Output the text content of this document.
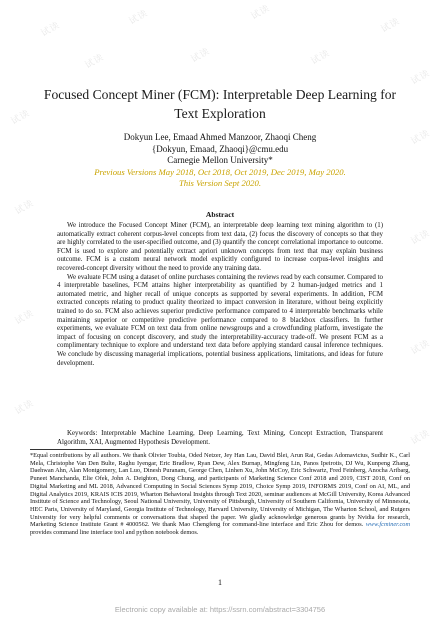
试读
试读	试读
试读
试读	试读	试读
试读
试读
试读
试读
试读
试读
试读
试读
试读
Focused Concept Miner (FCM): Interpretable Deep Learning for
Text Exploration
Dokyun Lee, Emaad Ahmed Manzoor, Zhaoqi Cheng
{Dokyun, Emaad, Zhaoqi}@cmu.edu
Carnegie Mellon University*
Previous Versions May 2018, Oct 2018, Oct 2019, Dec 2019, May 2020.
This Version Sept 2020.
Abstract

We introduce the Focused Concept Miner (FCM), an interpretable deep learning text mining algorithm to (1) automatically extract coherent corpus-level concepts from text data, (2) focus the discovery of concepts so that they are highly correlated to the user-specified outcome, and (3) quantify the concept correlational importance to outcome. FCM is used to explore and potentially extract apriori unknown concepts from text that may explain business outcome. FCM is a custom neural network model explicitly configured to increase corpus-level insights and recovered-concept diversity without the need to provide any training data.

We evaluate FCM using a dataset of online purchases containing the reviews read by each consumer. Compared to 4 interpretable baselines, FCM attains higher interpretability as quantified by 2 human-judged metrics and 1 automated metric, and higher recall of unique concepts as supported by several experiments. In addition, FCM extracted concepts relating to product quality theorized to impact conversion in literature, without being explicitly trained to do so. FCM also achieves superior predictive performance compared to 4 interpretable benchmarks while maintaining superior or competitive predictive performance compared to 8 blackbox classifiers. In further experiments, we evaluate FCM on text data from online newsgroups and a crowdfunding platform, investigate the impact of focusing on concept discovery, and study the interpretability-accuracy trade-off. We present FCM as a complimentary technique to explore and understand text data before applying standard causal inference techniques. We conclude by discussing managerial implications, potential business applications, limitations, and ideas for future development.

Keywords: Interpretable Machine Learning, Deep Learning, Text Mining, Concept Extraction, Transparent Algorithm, XAI, Augmented Hypothesis Development.
*Equal contributions by all authors. We thank Olivier Toubia, Oded Netzer, Jey Han Lau, David Blei, Arun Rai, Gedas Adomavicius, Sudhir K., Carl Mela, Christophe Van Den Bulte, Raghu Iyengar, Eric Bradlow, Ryan Dew, Alex Burnap, Mingfeng Lin, Panos Ipeirotis, DJ Wu, Kunpeng Zhang, Daehwan Ahn, Alan Montgomery, Lan Luo, Dinesh Puranam, George Chen, Linhen Xu, John McCoy, Eric Schwartz, Fred Feinberg, Anocha Aribarg, Puneet Manchanda, Elie Ofek, John A. Deighton, Dong Chung, and participants of Marketing Science Conf 2018 and 2019, CIST 2018, Conf on Digital Marketing and ML 2018, Advanced Computing in Social Sciences Symp 2019, Choice Symp 2019, INFORMS 2019, Conf on AI, ML, and Digital Analytics 2019, KRAIS ICIS 2019, Wharton Behavioral Insights through Text 2020, seminar audiences at McGill University, Korea Advanced Institute of Science and Technology, Seoul National University, University of Pittsburgh, University of Southern California, University of Minnesota, HEC Paris, University of Maryland, Georgia Institute of Technology, Harvard University, University of Michigan, The Wharton School, and Rutgers University for very helpful comments or conversations that shaped the paper. We gladly acknowledge generous grants by Nvidia for research, Marketing Science Institute Grant # 4000562. We thank Mao Chengfeng for command-line interface and Eric Zhou for demos. www.fcminer.com provides command line interface tool and python notebook demos.
1
Electronic copy available at: https://ssrn.com/abstract=3304756
